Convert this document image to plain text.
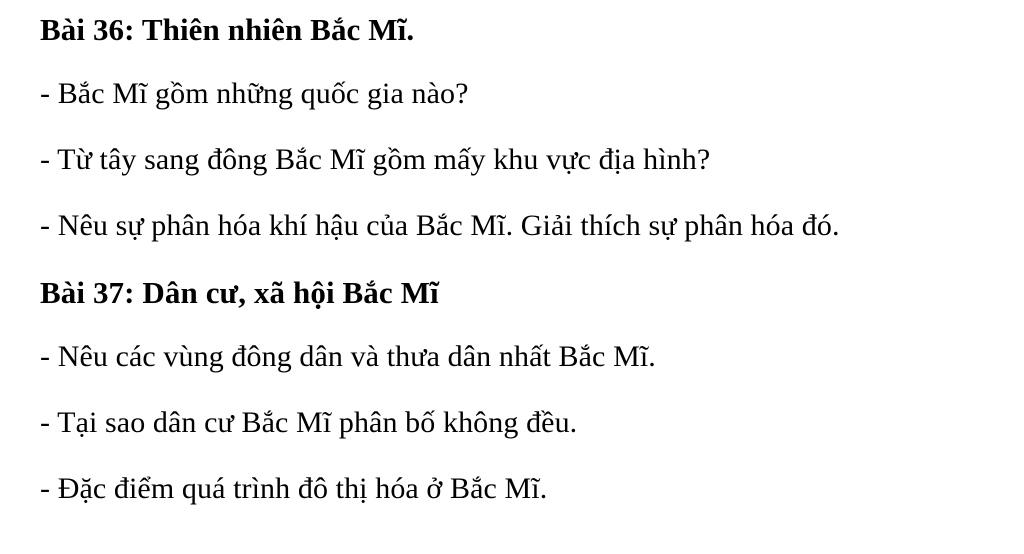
Bài 36: Thiên nhiên Bắc Mĩ.
- Bắc Mĩ gồm những quốc gia nào?
- Từ tây sang đông Bắc Mĩ gồm mấy khu vực địa hình?
- Nêu sự phân hóa khí hậu của Bắc Mĩ. Giải thích sự phân hóa đó.
Bài 37: Dân cư, xã hội Bắc Mĩ
- Nêu các vùng đông dân và thưa dân nhất Bắc Mĩ.
- Tại sao dân cư Bắc Mĩ phân bố không đều.
- Đặc điểm quá trình đô thị hóa ở Bắc Mĩ.
